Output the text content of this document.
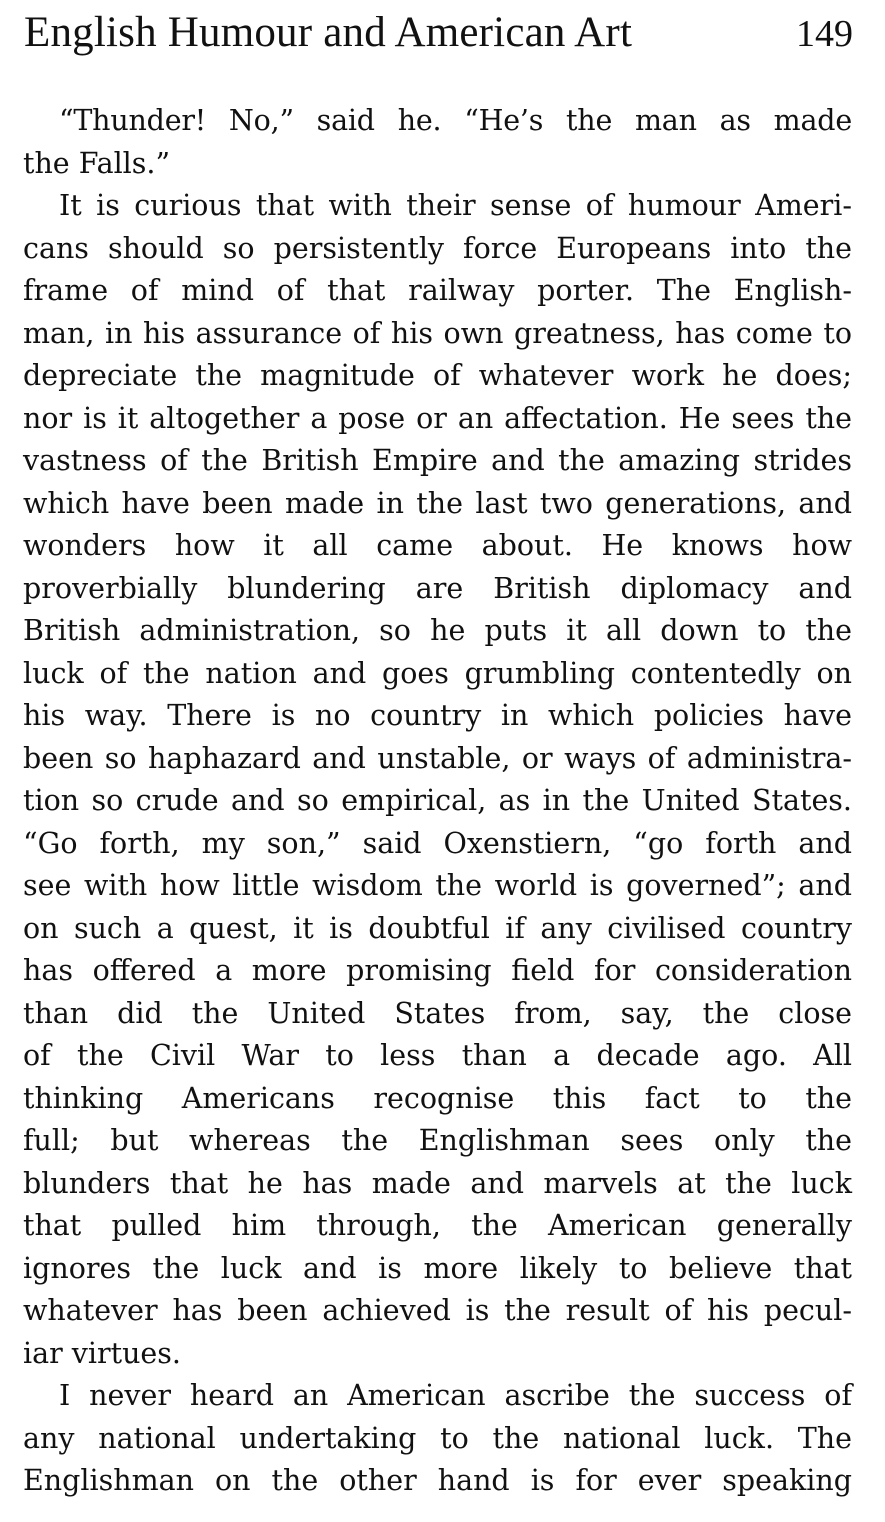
English Humour and American Art	149
“Thunder! No,” said he. “He’s the man as made
the Falls.”
It is curious that with their sense of humour Ameri-
cans should so persistently force Europeans into the
frame of mind of that railway porter. The English-
man, in his assurance of his own greatness, has come to
depreciate the magnitude of whatever work he does;
nor is it altogether a pose or an affectation. He sees the
vastness of the British Empire and the amazing strides
which have been made in the last two generations, and
wonders how it all came about. He knows how
proverbially blundering are British diplomacy and
British administration, so he puts it all down to the
luck of the nation and goes grumbling contentedly on
his way. There is no country in which policies have
been so haphazard and unstable, or ways of administra-
tion so crude and so empirical, as in the United States.
“Go forth, my son,” said Oxenstiern, “go forth and
see with how little wisdom the world is governed”; and
on such a quest, it is doubtful if any civilised country
has offered a more promising field for consideration
than did the United States from, say, the close
of the Civil War to less than a decade ago. All
thinking Americans recognise this fact to the
full; but whereas the Englishman sees only the
blunders that he has made and marvels at the luck
that pulled him through, the American generally
ignores the luck and is more likely to believe that
whatever has been achieved is the result of his pecul-
iar virtues.
I never heard an American ascribe the success of
any national undertaking to the national luck. The
Englishman on the other hand is for ever speaking
